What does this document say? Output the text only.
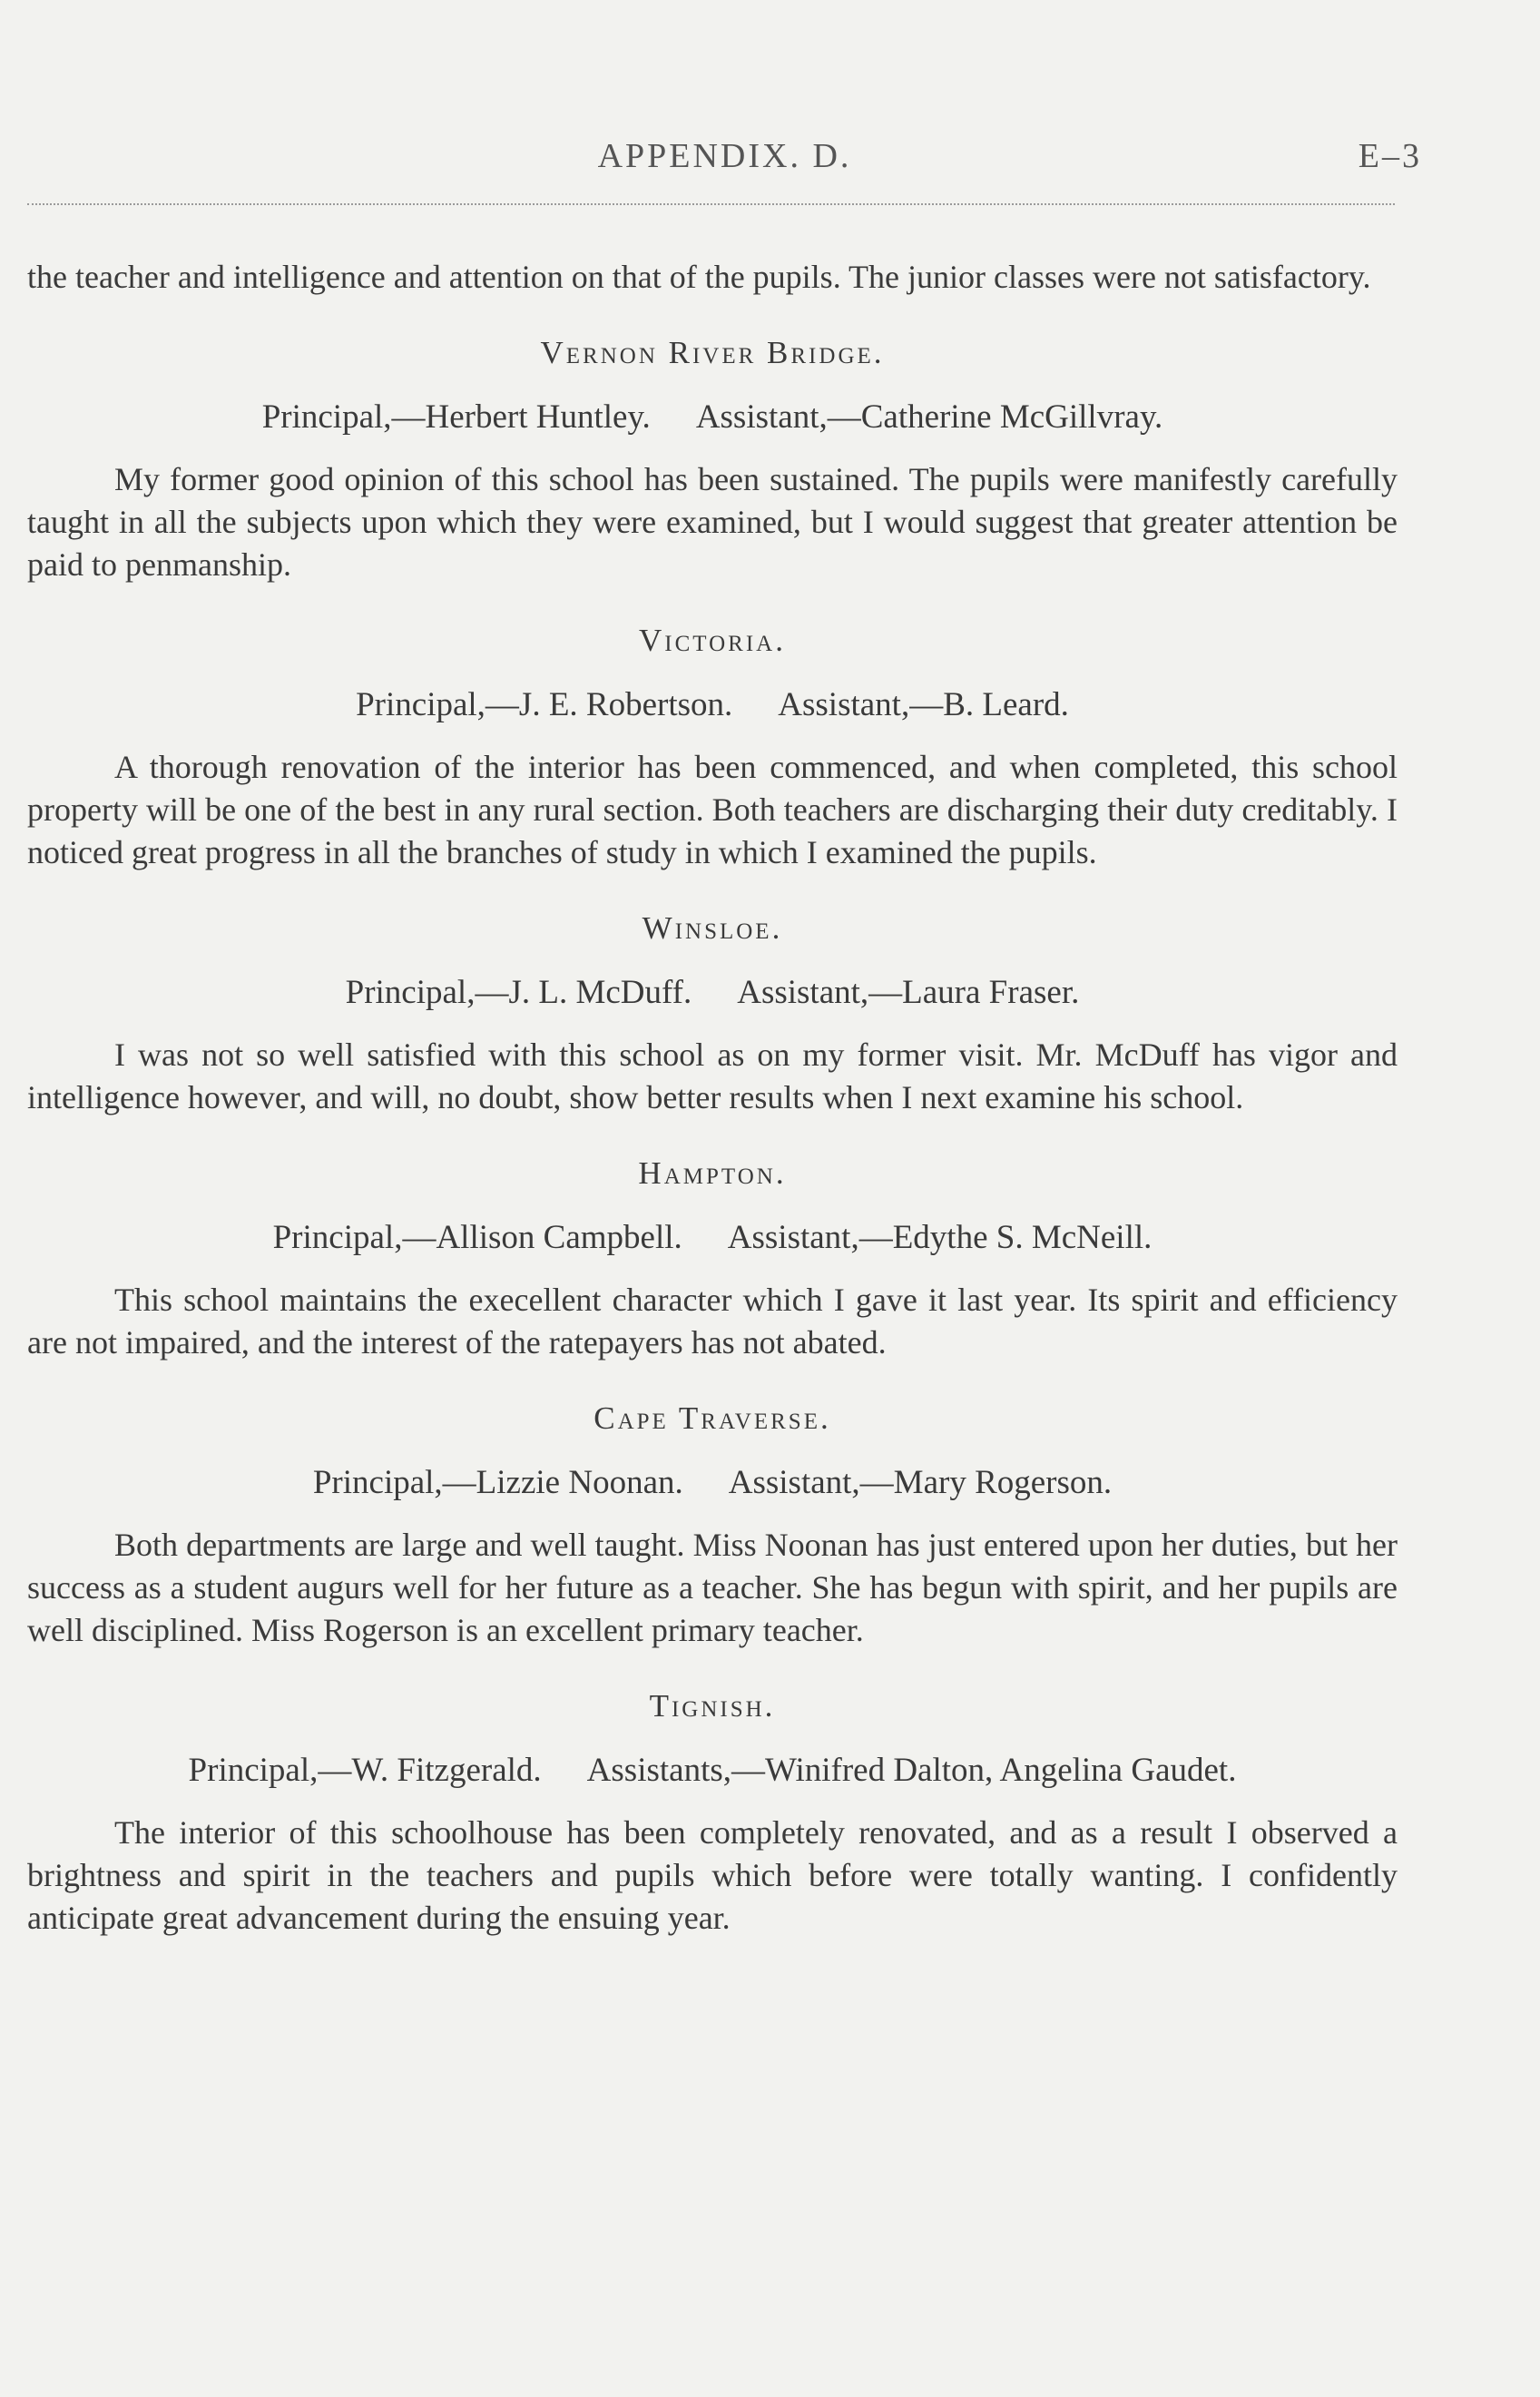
APPENDIX. D.	E–3

the teacher and intelligence and attention on that of the pupils. The junior classes were not satisfactory.

Vernon River Bridge.
Principal,—Herbert Huntley. Assistant,—Catherine McGillvray.

My former good opinion of this school has been sustained. The pupils were manifestly carefully taught in all the subjects upon which they were examined, but I would suggest that greater attention be paid to penmanship.

Victoria.
Principal,—J. E. Robertson. Assistant,—B. Leard.

A thorough renovation of the interior has been commenced, and when completed, this school property will be one of the best in any rural section. Both teachers are discharging their duty creditably. I noticed great progress in all the branches of study in which I examined the pupils.

Winsloe.
Principal,—J. L. McDuff. Assistant,—Laura Fraser.

I was not so well satisfied with this school as on my former visit. Mr. McDuff has vigor and intelligence however, and will, no doubt, show better results when I next examine his school.

Hampton.
Principal,—Allison Campbell. Assistant,—Edythe S. McNeill.

This school maintains the execellent character which I gave it last year. Its spirit and efficiency are not impaired, and the interest of the ratepayers has not abated.

Cape Traverse.
Principal,—Lizzie Noonan. Assistant,—Mary Rogerson.

Both departments are large and well taught. Miss Noonan has just entered upon her duties, but her success as a student augurs well for her future as a teacher. She has begun with spirit, and her pupils are well disciplined. Miss Rogerson is an excellent primary teacher.

Tignish.
Principal,—W. Fitzgerald. Assistants,—Winifred Dalton, Angelina Gaudet.

The interior of this schoolhouse has been completely renovated, and as a result I observed a brightness and spirit in the teachers and pupils which before were totally wanting. I confidently anticipate great advancement during the ensuing year.
